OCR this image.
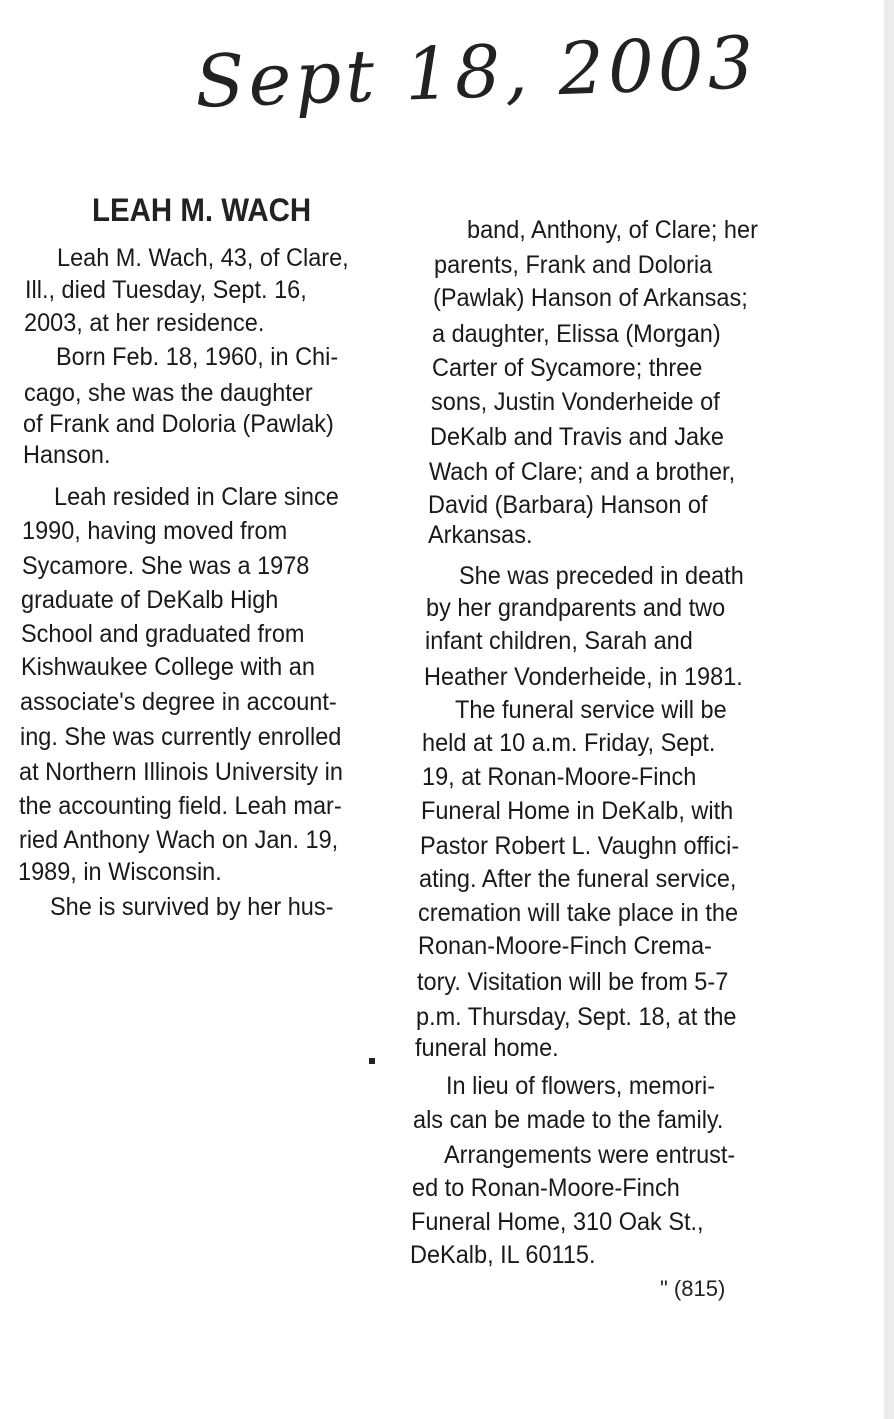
Sept 18, 2003
LEAH M. WACH
Leah M. Wach, 43, of Clare,
Ill., died Tuesday, Sept. 16,
2003, at her residence.
Born Feb. 18, 1960, in Chi-
cago, she was the daughter
of Frank and Doloria (Pawlak)
Hanson.
Leah resided in Clare since
1990, having moved from
Sycamore. She was a 1978
graduate of DeKalb High
School and graduated from
Kishwaukee College with an
associate's degree in account-
ing. She was currently enrolled
at Northern Illinois University in
the accounting field. Leah mar-
ried Anthony Wach on Jan. 19,
1989, in Wisconsin.
She is survived by her hus-
band, Anthony, of Clare; her
parents, Frank and Doloria
(Pawlak) Hanson of Arkansas;
a daughter, Elissa (Morgan)
Carter of Sycamore; three
sons, Justin Vonderheide of
DeKalb and Travis and Jake
Wach of Clare; and a brother,
David (Barbara) Hanson of
Arkansas.
She was preceded in death
by her grandparents and two
infant children, Sarah and
Heather Vonderheide, in 1981.
The funeral service will be
held at 10 a.m. Friday, Sept.
19, at Ronan-Moore-Finch
Funeral Home in DeKalb, with
Pastor Robert L. Vaughn offici-
ating. After the funeral service,
cremation will take place in the
Ronan-Moore-Finch Crema-
tory. Visitation will be from 5-7
p.m. Thursday, Sept. 18, at the
funeral home.
In lieu of flowers, memori-
als can be made to the family.
Arrangements were entrust-
ed to Ronan-Moore-Finch
Funeral Home, 310 Oak St.,
DeKalb, IL 60115.
" (815)
